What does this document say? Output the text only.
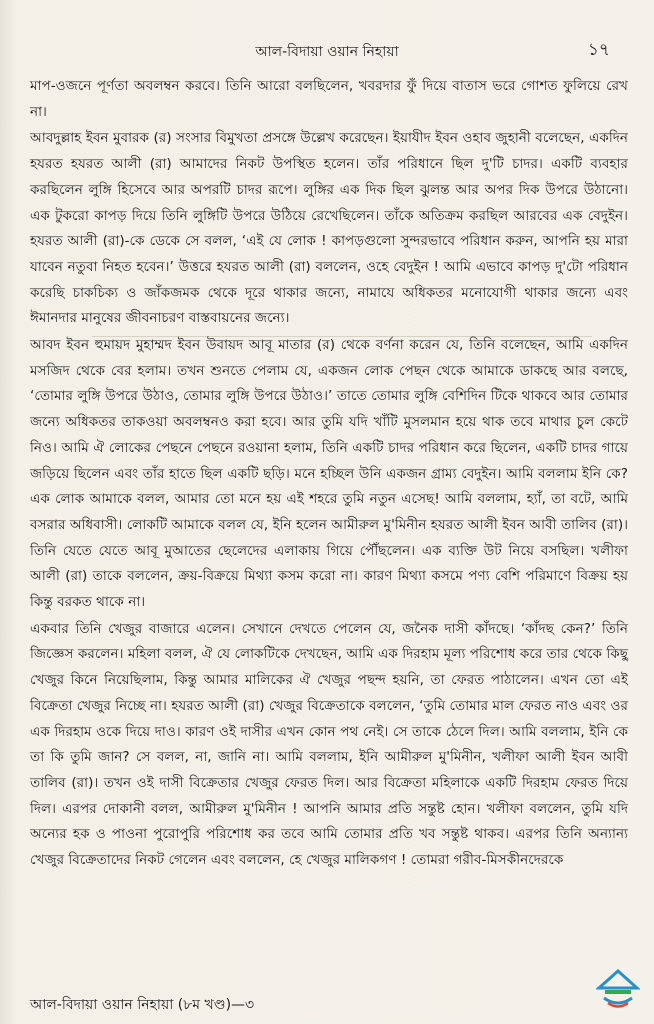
আল-বিদায়া ওয়ান নিহায়া	১৭

মাপ-ওজনে পূর্ণতা অবলম্বন করবে। তিনি আরো বলছিলেন, খবরদার ফুঁ দিয়ে বাতাস ভরে গোশত ফুলিয়ে রেখ না।

আবদুল্লাহ ইবন মুবারক (র) সংসার বিমুখতা প্রসঙ্গে উল্লেখ করেছেন। ইয়াযীদ ইবন ওহাব জুহানী বলেছেন, একদিন হযরত হযরত আলী (রা) আমাদের নিকট উপস্থিত হলেন। তাঁর পরিধানে ছিল দু'টি চাদর। একটি ব্যবহার করছিলেন লুঙ্গি হিসেবে আর অপরটি চাদর রূপে। লুঙ্গির এক দিক ছিল ঝুলন্ত আর অপর দিক উপরে উঠানো। এক টুকরো কাপড় দিয়ে তিনি লুঙ্গিটি উপরে উঠিয়ে রেখেছিলেন। তাঁকে অতিক্রম করছিল আরবের এক বেদুইন। হযরত আলী (রা)-কে ডেকে সে বলল, ‘এই যে লোক ! কাপড়গুলো সুন্দরভাবে পরিধান করুন, আপনি হয় মারা যাবেন নতুবা নিহত হবেন।’ উত্তরে হযরত আলী (রা) বললেন, ওহে বেদুইন ! আমি এভাবে কাপড় দু'টো পরিধান করেছি চাকচিক্য ও জাঁকজমক থেকে দূরে থাকার জন্যে, নামাযে অধিকতর মনোযোগী থাকার জন্যে এবং ঈমানদার মানুষের জীবনাচরণ বাস্তবায়নের জন্যে।

আবদ ইবন হুমায়দ মুহাম্মদ ইবন উবায়দ আবূ মাতার (র) থেকে বর্ণনা করেন যে, তিনি বলেছেন, আমি একদিন মসজিদ থেকে বের হলাম। তখন শুনতে পেলাম যে, একজন লোক পেছন থেকে আমাকে ডাকছে আর বলছে, ‘তোমার লুঙ্গি উপরে উঠাও, তোমার লুঙ্গি উপরে উঠাও।’ তাতে তোমার লুঙ্গি বেশিদিন টিকে থাকবে আর তোমার জন্যে অধিকতর তাকওয়া অবলম্বনও করা হবে। আর তুমি যদি খাঁটি মুসলমান হয়ে থাক তবে মাথার চুল কেটে নিও। আমি ঐ লোকের পেছনে পেছনে রওয়ানা হলাম, তিনি একটি চাদর পরিধান করে ছিলেন, একটি চাদর গায়ে জড়িয়ে ছিলেন এবং তাঁর হাতে ছিল একটি ছড়ি। মনে হচ্ছিল উনি একজন গ্রাম্য বেদুইন। আমি বললাম ইনি কে? এক লোক আমাকে বলল, আমার তো মনে হয় এই শহরে তুমি নতুন এসেছ! আমি বললাম, হ্যাঁ, তা বটে, আমি বসরার অধিবাসী। লোকটি আমাকে বলল যে, ইনি হলেন আমীরুল মু'মিনীন হযরত আলী ইবন আবী তালিব (রা)। তিনি যেতে যেতে আবূ মুআতের ছেলেদের এলাকায় গিয়ে পৌঁছলেন। এক ব্যক্তি উট নিয়ে বসছিল। খলীফা আলী (রা) তাকে বললেন, ক্রয়-বিক্রয়ে মিথ্যা কসম করো না। কারণ মিথ্যা কসমে পণ্য বেশি পরিমাণে বিক্রয় হয় কিন্তু বরকত থাকে না।

একবার তিনি খেজুর বাজারে এলেন। সেখানে দেখতে পেলেন যে, জনৈক দাসী কাঁদছে। ‘কাঁদছ কেন?’ তিনি জিজ্ঞেস করলেন। মহিলা বলল, ঐ যে লোকটিকে দেখছেন, আমি এক দিরহাম মূল্য পরিশোধ করে তার থেকে কিছু খেজুর কিনে নিয়েছিলাম, কিন্তু আমার মালিকের ঐ খেজুর পছন্দ হয়নি, তা ফেরত পাঠালেন। এখন তো এই বিক্রেতা খেজুর নিচ্ছে না। হযরত আলী (রা) খেজুর বিক্রেতাকে বললেন, ‘তুমি তোমার মাল ফেরত নাও এবং ওর এক দিরহাম ওকে দিয়ে দাও। কারণ ওই দাসীর এখন কোন পথ নেই। সে তাকে ঠেলে দিল। আমি বললাম, ইনি কে তা কি তুমি জান? সে বলল, না, জানি না। আমি বললাম, ইনি আমীরুল মু'মিনীন, খলীফা আলী ইবন আবী তালিব (রা)। তখন ওই দাসী বিক্রেতার খেজুর ফেরত দিল। আর বিক্রেতা মহিলাকে একটি দিরহাম ফেরত দিয়ে দিল। এরপর দোকানী বলল, আমীরুল মু'মিনীন ! আপনি আমার প্রতি সন্তুষ্ট হোন। খলীফা বললেন, তুমি যদি অন্যের হক ও পাওনা পুরোপুরি পরিশোধ কর তবে আমি তোমার প্রতি খব সন্তুষ্ট থাকব। এরপর তিনি অন্যান্য খেজুর বিক্রেতাদের নিকট গেলেন এবং বললেন, হে খেজুর মালিকগণ ! তোমরা গরীব-মিসকীনদেরকে

আল-বিদায়া ওয়ান নিহায়া (৮ম খণ্ড)—৩
